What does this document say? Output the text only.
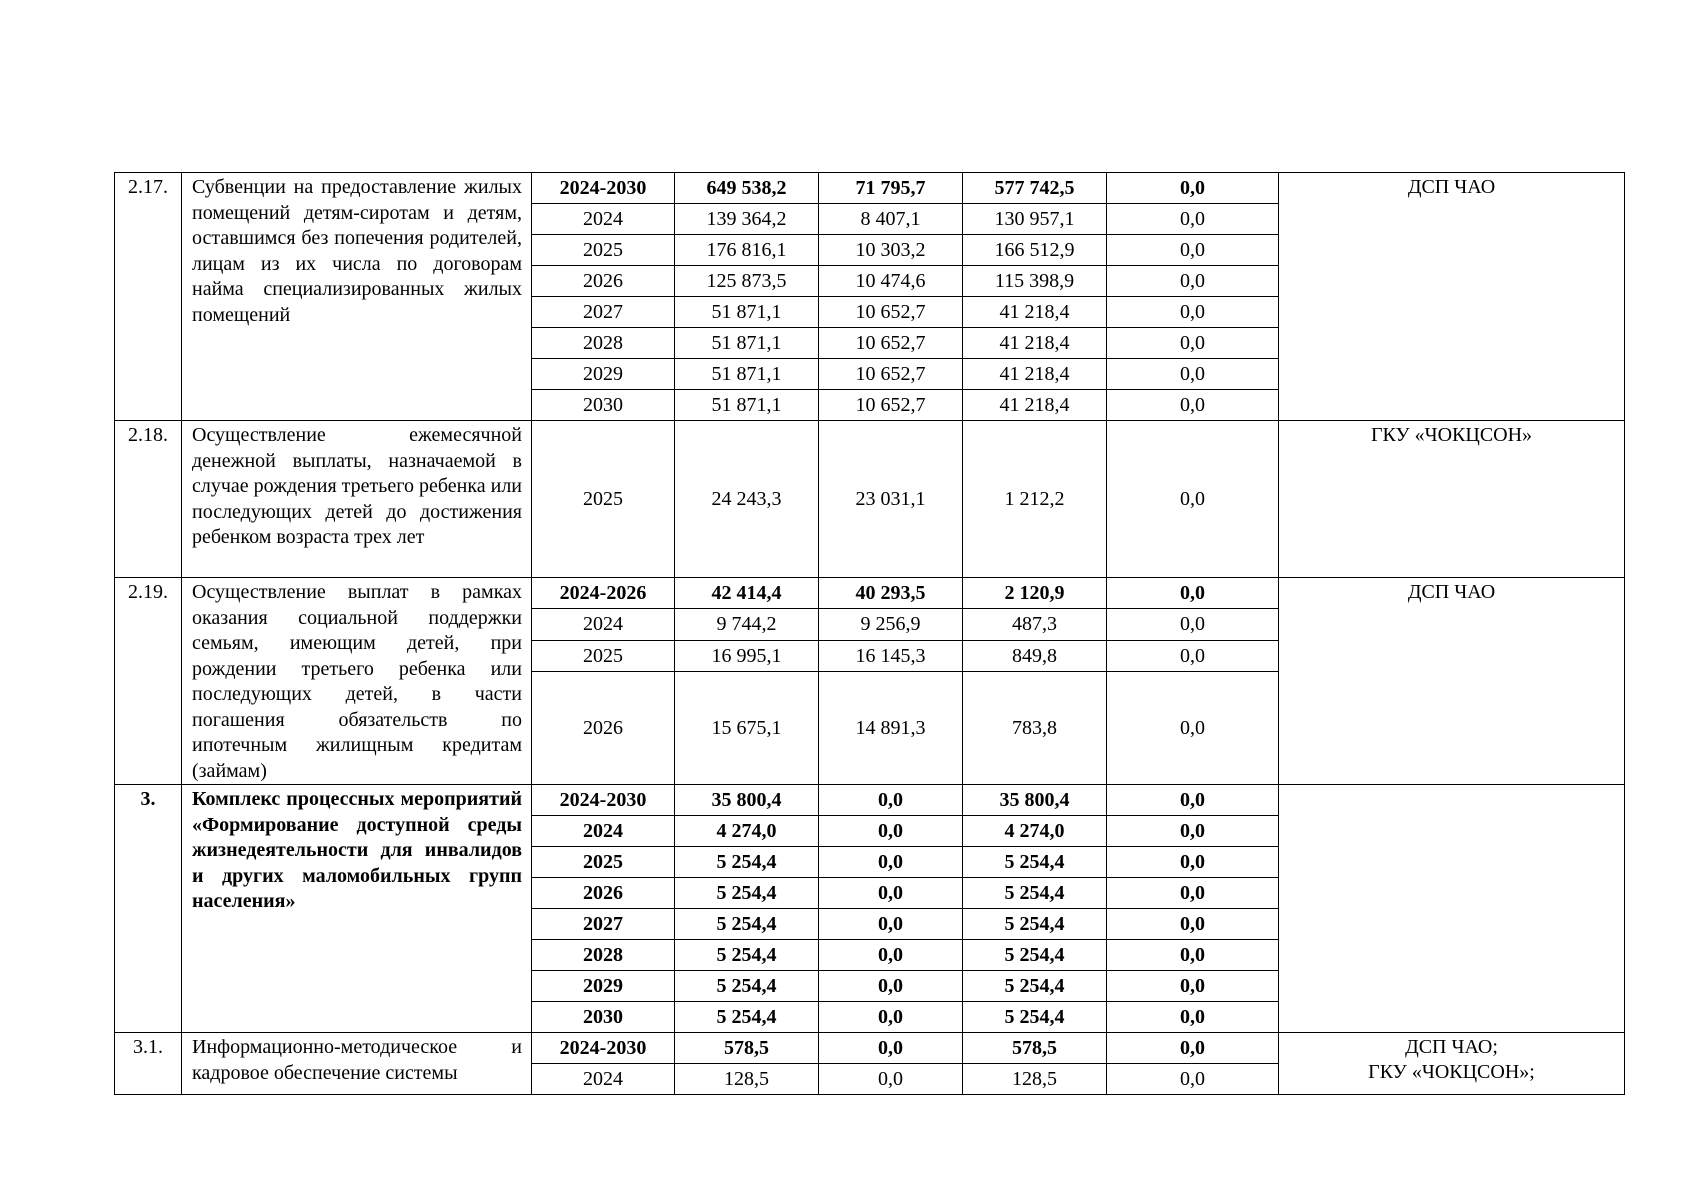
2.17.	Субвенции на предоставление жилых помещений детям-сиротам и детям, оставшимся без попечения родителей, лицам из их числа по договорам найма специализированных жилых помещений	2024-2030	649 538,2	71 795,7	577 742,5	0,0	ДСП ЧАО

		2024	139 364,2	8 407,1	130 957,1	0,0	
		2025	176 816,1	10 303,2	166 512,9	0,0	
		2026	125 873,5	10 474,6	115 398,9	0,0	
		2027	51 871,1	10 652,7	41 218,4	0,0	
		2028	51 871,1	10 652,7	41 218,4	0,0	
		2029	51 871,1	10 652,7	41 218,4	0,0	
		2030	51 871,1	10 652,7	41 218,4	0,0	
2.18.	Осуществление ежемесячной денежной выплаты, назначаемой в случае рождения третьего ребенка или последующих детей до достижения ребенком возраста трех лет	2025	24 243,3	23 031,1	1 212,2	0,0	ГКУ «ЧОКЦСОН»

2.19.	Осуществление выплат в рамках оказания социальной поддержки семьям, имеющим детей, при рождении третьего ребенка или последующих детей, в части погашения обязательств по ипотечным жилищным кредитам (займам)	2024-2026	42 414,4	40 293,5	2 120,9	0,0	ДСП ЧАО

		2024	9 744,2	9 256,9	487,3	0,0	
		2025	16 995,1	16 145,3	849,8	0,0	
		2026	15 675,1	14 891,3	783,8	0,0	
3.	Комплекс процессных мероприятий «Формирование доступной среды жизнедеятельности для инвалидов и других маломобильных групп населения»	2024-2030	35 800,4	0,0	35 800,4	0,0	
		2024	4 274,0	0,0	4 274,0	0,0	
		2025	5 254,4	0,0	5 254,4	0,0	
		2026	5 254,4	0,0	5 254,4	0,0	
		2027	5 254,4	0,0	5 254,4	0,0	
		2028	5 254,4	0,0	5 254,4	0,0	
		2029	5 254,4	0,0	5 254,4	0,0	
		2030	5 254,4	0,0	5 254,4	0,0	
3.1.	Информационно-методическое и кадровое обеспечение системы	2024-2030	578,5	0,0	578,5	0,0	ДСП ЧАО;
ГКУ «ЧОКЦСОН»;

		2024	128,5	0,0	128,5	0,0	
